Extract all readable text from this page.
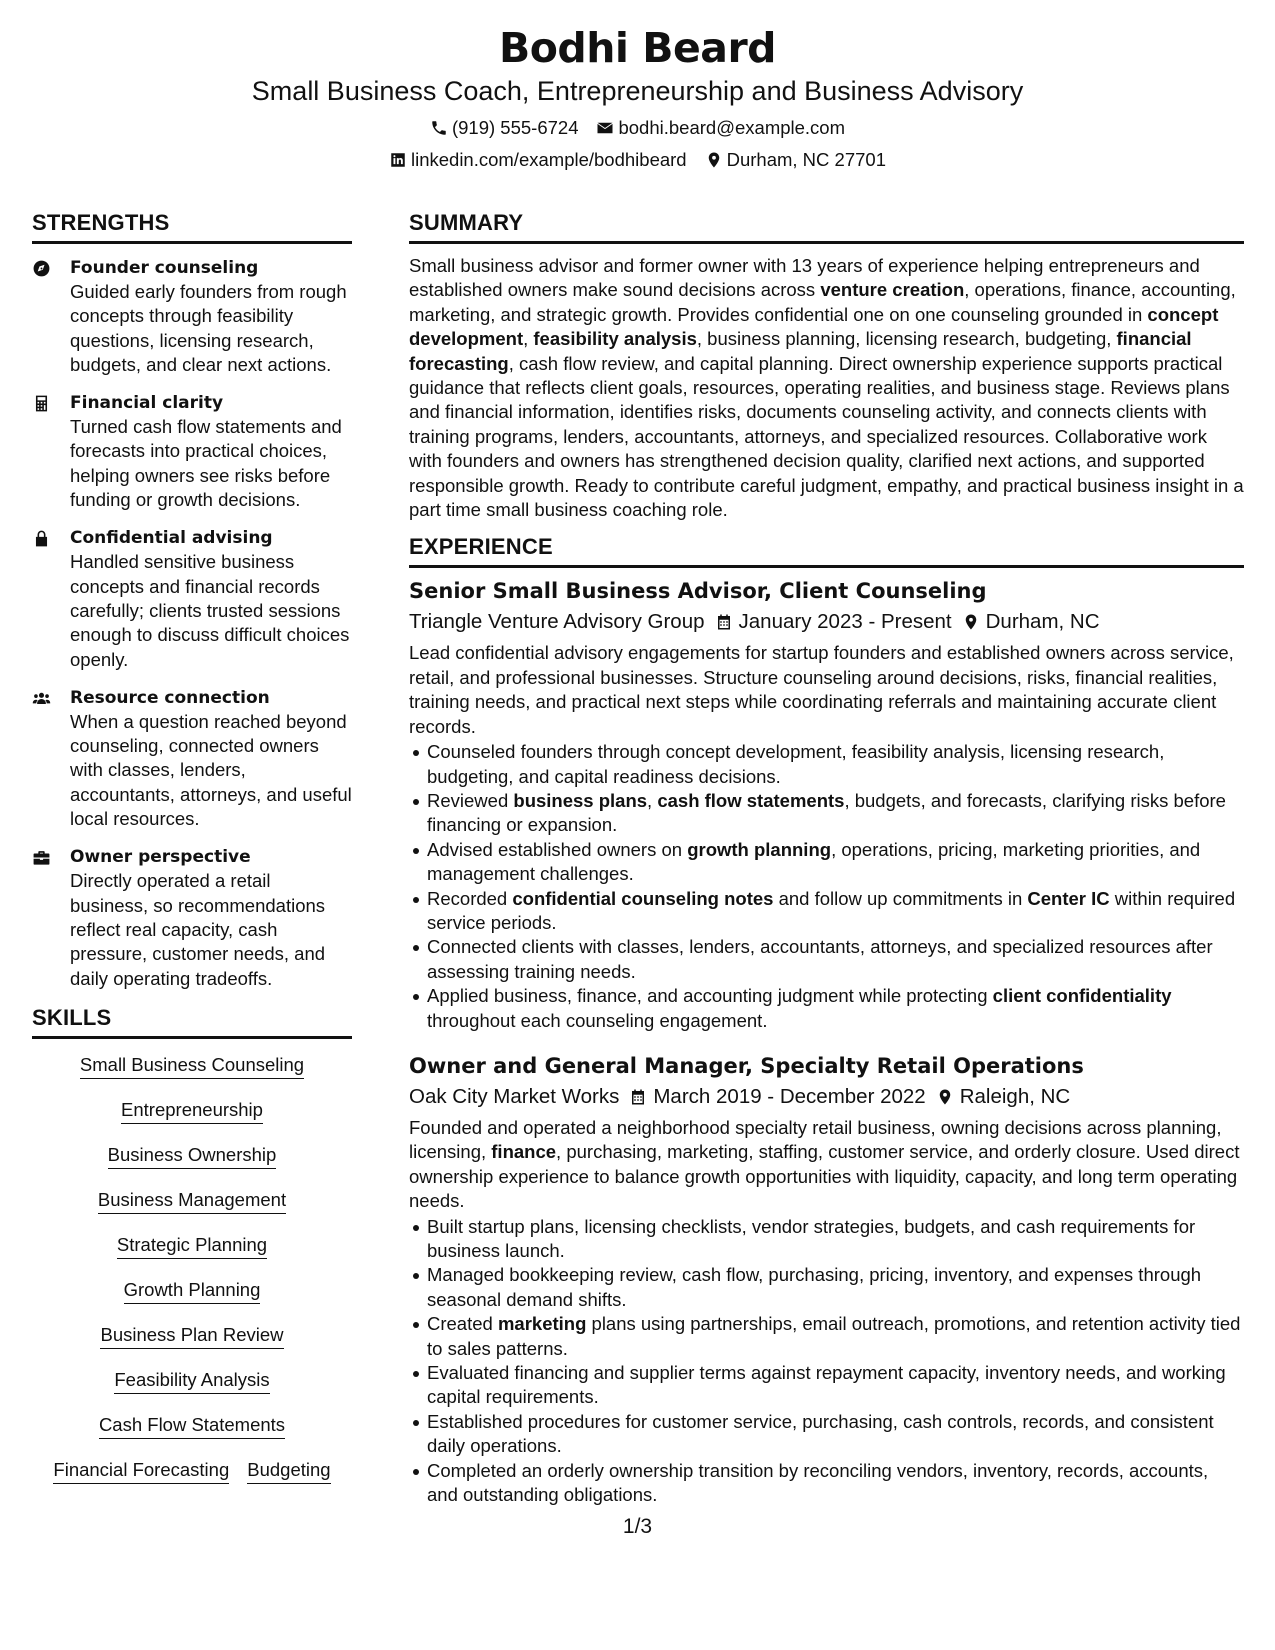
Bodhi Beard
Small Business Coach, Entrepreneurship and Business Advisory
(919) 555-6724 bodhi.beard@example.com
linkedin.com/example/bodhibeard Durham, NC 27701
STRENGTHS
Founder counseling
Guided early founders from rough concepts through feasibility questions, licensing research, budgets, and clear next actions.
Financial clarity
Turned cash flow statements and forecasts into practical choices, helping owners see risks before funding or growth decisions.
Confidential advising
Handled sensitive business concepts and financial records carefully; clients trusted sessions enough to discuss difficult choices openly.
Resource connection
When a question reached beyond counseling, connected owners with classes, lenders, accountants, attorneys, and useful local resources.
Owner perspective
Directly operated a retail business, so recommendations reflect real capacity, cash pressure, customer needs, and daily operating tradeoffs.
SKILLS
Small Business Counseling
Entrepreneurship
Business Ownership
Business Management
Strategic Planning
Growth Planning
Business Plan Review
Feasibility Analysis
Cash Flow Statements
Financial Forecasting Budgeting
SUMMARY
Small business advisor and former owner with 13 years of experience helping entrepreneurs and established owners make sound decisions across venture creation, operations, finance, accounting, marketing, and strategic growth. Provides confidential one on one counseling grounded in concept development, feasibility analysis, business planning, licensing research, budgeting, financial forecasting, cash flow review, and capital planning. Direct ownership experience supports practical guidance that reflects client goals, resources, operating realities, and business stage. Reviews plans and financial information, identifies risks, documents counseling activity, and connects clients with training programs, lenders, accountants, attorneys, and specialized resources. Collaborative work with founders and owners has strengthened decision quality, clarified next actions, and supported responsible growth. Ready to contribute careful judgment, empathy, and practical business insight in a part time small business coaching role.
EXPERIENCE
Senior Small Business Advisor, Client Counseling
Triangle Venture Advisory Group January 2023 - Present Durham, NC
Lead confidential advisory engagements for startup founders and established owners across service, retail, and professional businesses. Structure counseling around decisions, risks, financial realities, training needs, and practical next steps while coordinating referrals and maintaining accurate client records.
Counseled founders through concept development, feasibility analysis, licensing research, budgeting, and capital readiness decisions.
Reviewed business plans, cash flow statements, budgets, and forecasts, clarifying risks before financing or expansion.
Advised established owners on growth planning, operations, pricing, marketing priorities, and management challenges.
Recorded confidential counseling notes and follow up commitments in Center IC within required service periods.
Connected clients with classes, lenders, accountants, attorneys, and specialized resources after assessing training needs.
Applied business, finance, and accounting judgment while protecting client confidentiality throughout each counseling engagement.
Owner and General Manager, Specialty Retail Operations
Oak City Market Works March 2019 - December 2022 Raleigh, NC
Founded and operated a neighborhood specialty retail business, owning decisions across planning, licensing, finance, purchasing, marketing, staffing, customer service, and orderly closure. Used direct ownership experience to balance growth opportunities with liquidity, capacity, and long term operating needs.
Built startup plans, licensing checklists, vendor strategies, budgets, and cash requirements for business launch.
Managed bookkeeping review, cash flow, purchasing, pricing, inventory, and expenses through seasonal demand shifts.
Created marketing plans using partnerships, email outreach, promotions, and retention activity tied to sales patterns.
Evaluated financing and supplier terms against repayment capacity, inventory needs, and working capital requirements.
Established procedures for customer service, purchasing, cash controls, records, and consistent daily operations.
Completed an orderly ownership transition by reconciling vendors, inventory, records, accounts, and outstanding obligations.
1/3
